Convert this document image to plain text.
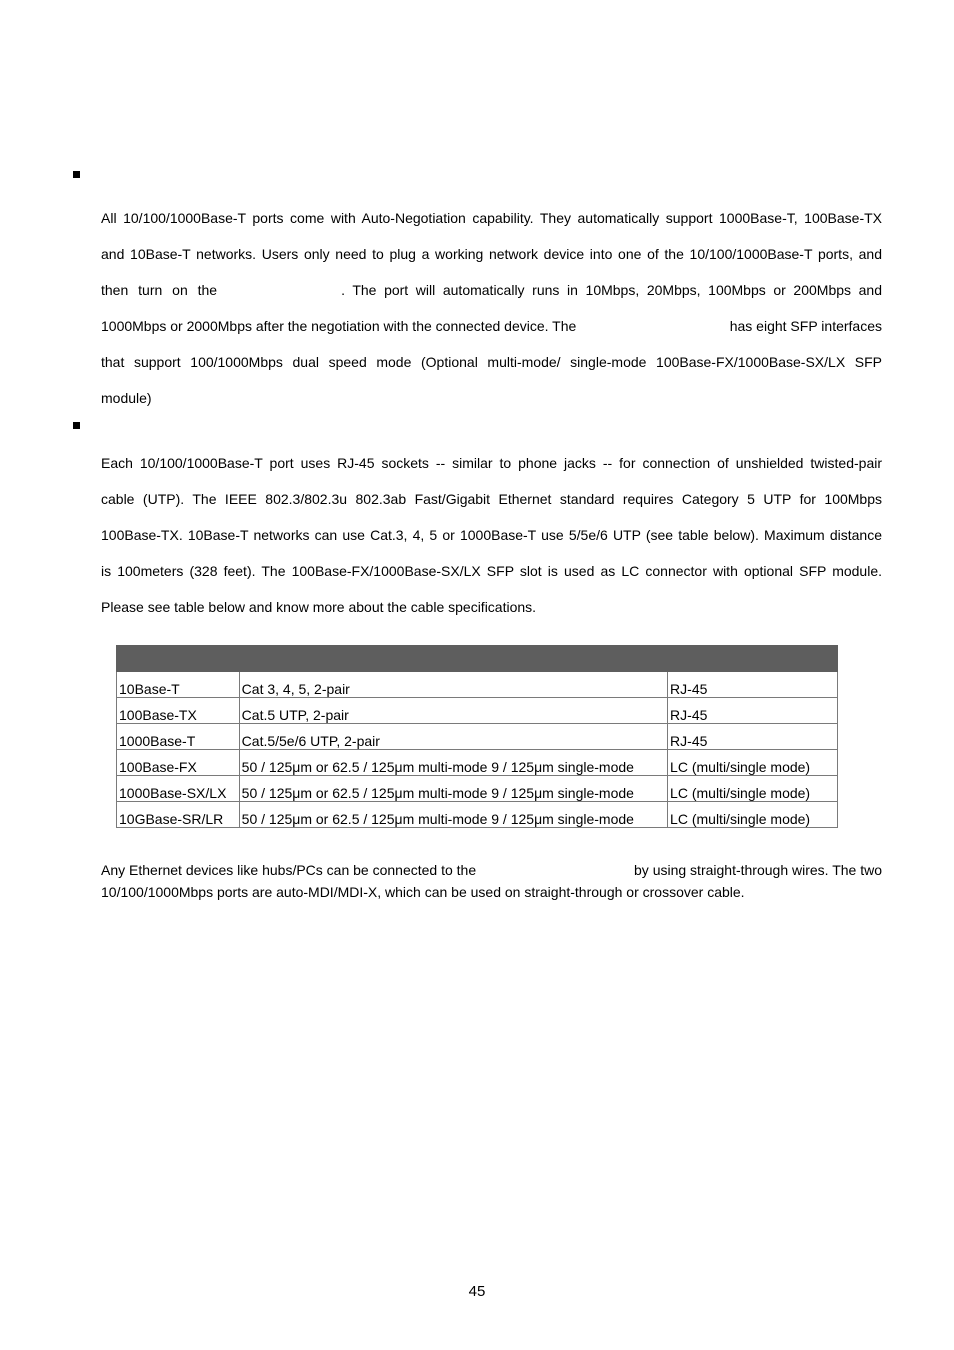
All 10/100/1000Base-T ports come with Auto-Negotiation capability. They automatically support 1000Base-T, 100Base-TX
and 10Base-T networks. Users only need to plug a working network device into one of the 10/100/1000Base-T ports, and
then turn on the	. The port will automatically runs in 10Mbps, 20Mbps, 100Mbps or 200Mbps and
1000Mbps or 2000Mbps after the negotiation with the connected device. The	has eight SFP interfaces
that support 100/1000Mbps dual speed mode (Optional multi-mode/ single-mode 100Base-FX/1000Base-SX/LX SFP
module)
Each 10/100/1000Base-T port uses RJ-45 sockets -- similar to phone jacks -- for connection of unshielded twisted-pair
cable (UTP). The IEEE 802.3/802.3u 802.3ab Fast/Gigabit Ethernet standard requires Category 5 UTP for 100Mbps
100Base-TX. 10Base-T networks can use Cat.3, 4, 5 or 1000Base-T use 5/5e/6 UTP (see table below). Maximum distance
is 100meters (328 feet). The 100Base-FX/1000Base-SX/LX SFP slot is used as LC connector with optional SFP module.
Please see table below and know more about the cable specifications.

10Base-T	Cat 3, 4, 5, 2-pair	RJ-45
100Base-TX	Cat.5 UTP, 2-pair	RJ-45
1000Base-T	Cat.5/5e/6 UTP, 2-pair	RJ-45
100Base-FX	50 / 125μm or 62.5 / 125μm multi-mode 9 / 125μm single-mode	LC (multi/single mode)
1000Base-SX/LX	50 / 125μm or 62.5 / 125μm multi-mode 9 / 125μm single-mode	LC (multi/single mode)
10GBase-SR/LR	50 / 125μm or 62.5 / 125μm multi-mode 9 / 125μm single-mode	LC (multi/single mode)
Any Ethernet devices like hubs/PCs can be connected to the	by using straight-through wires. The two
10/100/1000Mbps ports are auto-MDI/MDI-X, which can be used on straight-through or crossover cable.
45
